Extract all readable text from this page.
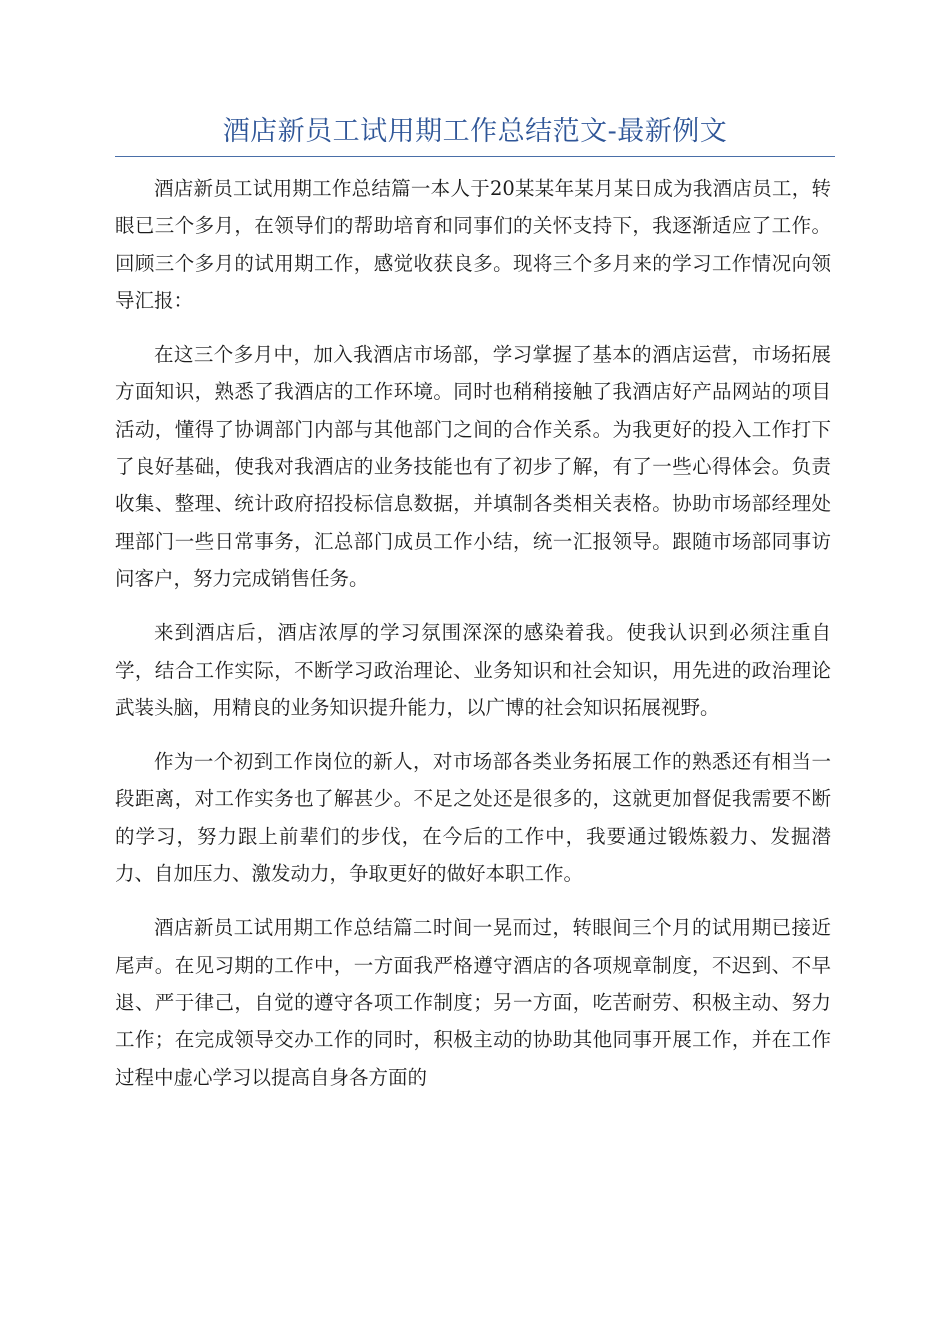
酒店新员工试用期工作总结范文-最新例文

酒店新员工试用期工作总结篇一本人于20某某年某月某日成为我酒店员工，转眼已三个多月，在领导们的帮助培育和同事们的关怀支持下，我逐渐适应了工作。回顾三个多月的试用期工作，感觉收获良多。现将三个多月来的学习工作情况向领导汇报：

在这三个多月中，加入我酒店市场部，学习掌握了基本的酒店运营，市场拓展方面知识，熟悉了我酒店的工作环境。同时也稍稍接触了我酒店好产品网站的项目活动，懂得了协调部门内部与其他部门之间的合作关系。为我更好的投入工作打下了良好基础，使我对我酒店的业务技能也有了初步了解，有了一些心得体会。负责收集、整理、统计政府招投标信息数据，并填制各类相关表格。协助市场部经理处理部门一些日常事务，汇总部门成员工作小结，统一汇报领导。跟随市场部同事访问客户，努力完成销售任务。

来到酒店后，酒店浓厚的学习氛围深深的感染着我。使我认识到必须注重自学，结合工作实际，不断学习政治理论、业务知识和社会知识，用先进的政治理论武装头脑，用精良的业务知识提升能力，以广博的社会知识拓展视野。

作为一个初到工作岗位的新人，对市场部各类业务拓展工作的熟悉还有相当一段距离，对工作实务也了解甚少。不足之处还是很多的，这就更加督促我需要不断的学习，努力跟上前辈们的步伐，在今后的工作中，我要通过锻炼毅力、发掘潜力、自加压力、激发动力，争取更好的做好本职工作。

酒店新员工试用期工作总结篇二时间一晃而过，转眼间三个月的试用期已接近尾声。在见习期的工作中，一方面我严格遵守酒店的各项规章制度，不迟到、不早退、严于律己，自觉的遵守各项工作制度；另一方面，吃苦耐劳、积极主动、努力工作；在完成领导交办工作的同时，积极主动的协助其他同事开展工作，并在工作过程中虚心学习以提高自身各方面的
